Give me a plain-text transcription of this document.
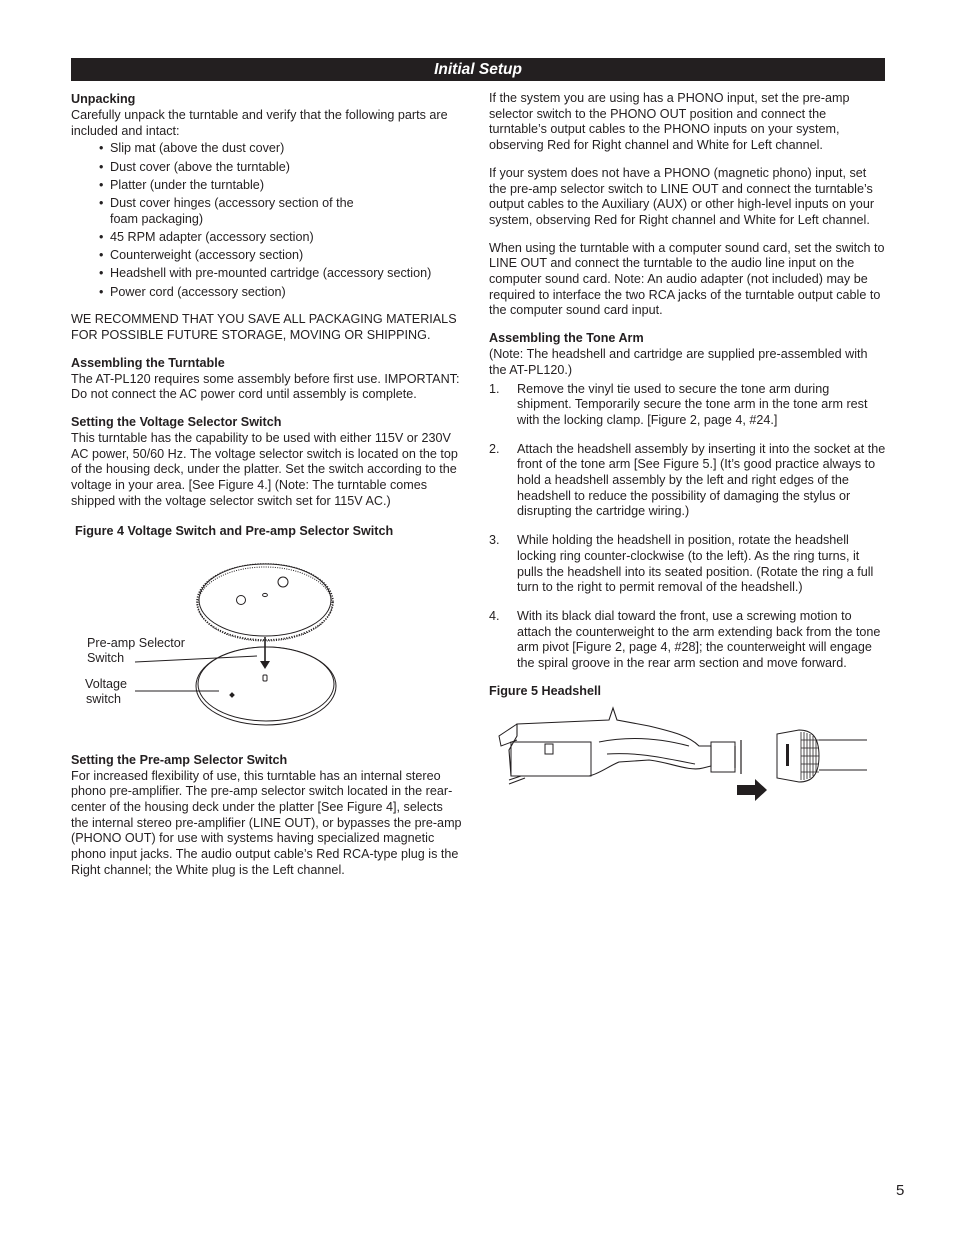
Initial Setup
Unpacking

Carefully unpack the turntable and verify that the following parts are included and intact:

• Slip mat (above the dust cover)
• Dust cover (above the turntable)
• Platter (under the turntable)
• Dust cover hinges (accessory section of the foam packaging)
• 45 RPM adapter (accessory section)
• Counterweight (accessory section)
• Headshell with pre-mounted cartridge (accessory section)
• Power cord (accessory section)

WE RECOMMEND THAT YOU SAVE ALL PACKAGING MATERIALS FOR POSSIBLE FUTURE STORAGE, MOVING OR SHIPPING.

Assembling the Turntable

The AT-PL120 requires some assembly before first use. IMPORTANT: Do not connect the AC power cord until assembly is complete.

Setting the Voltage Selector Switch

This turntable has the capability to be used with either 115V or 230V AC power, 50/60 Hz. The voltage selector switch is located on the top of the housing deck, under the platter. Set the switch according to the voltage in your area. [See Figure 4.] (Note: The turntable comes shipped with the voltage selector switch set for 115V AC.)

Figure 4 Voltage Switch and Pre-amp Selector Switch
Pre-amp Selector
Switch
Voltage
switch
Setting the Pre-amp Selector Switch

For increased flexibility of use, this turntable has an internal stereo phono pre-amplifier. The pre-amp selector switch located in the rear-center of the housing deck under the platter [See Figure 4], selects the internal stereo pre-amplifier (LINE OUT), or bypasses the pre-amp (PHONO OUT) for use with systems having specialized magnetic phono input jacks. The audio output cable’s Red RCA-type plug is the Right channel; the White plug is the Left channel.

If the system you are using has a PHONO input, set the pre-amp selector switch to the PHONO OUT position and connect the turntable’s output cables to the PHONO inputs on your system, observing Red for Right channel and White for Left channel.

If your system does not have a PHONO (magnetic phono) input, set the pre-amp selector switch to LINE OUT and connect the turntable’s output cables to the Auxiliary (AUX) or other high-level inputs on your system, observing Red for Right channel and White for Left channel.

When using the turntable with a computer sound card, set the switch to LINE OUT and connect the turntable to the audio line input on the computer sound card. Note: An audio adapter (not included) may be required to interface the two RCA jacks of the turntable output cable to the computer sound card input.

Assembling the Tone Arm

(Note: The headshell and cartridge are supplied pre-assembled with the AT-PL120.)

1. Remove the vinyl tie used to secure the tone arm during shipment. Temporarily secure the tone arm in the tone arm rest with the locking clamp. [Figure 2, page 4, #24.]
2. Attach the headshell assembly by inserting it into the socket at the front of the tone arm [See Figure 5.] (It’s good practice always to hold a headshell assembly by the left and right edges of the headshell to reduce the possibility of damaging the stylus or disrupting the cartridge wiring.)
3. While holding the headshell in position, rotate the headshell locking ring counter-clockwise (to the left). As the ring turns, it pulls the headshell into its seated position. (Rotate the ring a full turn to the right to permit removal of the headshell.)
4. With its black dial toward the front, use a screwing motion to attach the counterweight to the arm extending back from the tone arm pivot [Figure 2, page 4, #28]; the counterweight will engage the spiral groove in the rear arm section and move forward.
Figure 5 Headshell
5
